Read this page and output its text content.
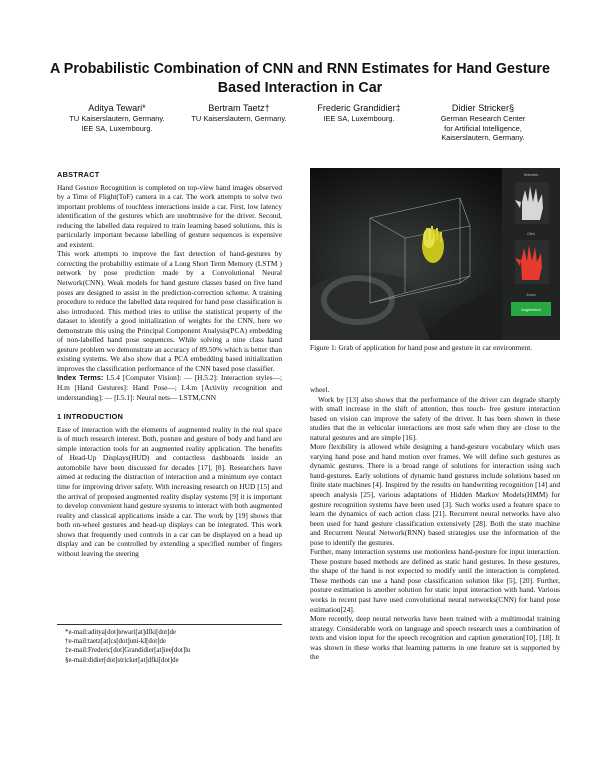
A Probabilistic Combination of CNN and RNN Estimates for Hand Gesture Based Interaction in Car
Aditya Tewari*
TU Kaiserslautern, Germany.
IEE SA, Luxembourg.
Bertram Taetz†
TU Kaiserslautern, Germany.
Frederic Grandidier‡
IEE SA, Luxembourg.
Didier Stricker§
German Research Center
for Artificial Intelligence,
Kaiserslautern, Germany.
ABSTRACT

Hand Gesture Recognition is completed on top-view hand images observed by a Time of Flight(ToF) camera in a car. The work attempts to solve two important problems of touchless interactions inside a car. First, low latency identification of the gestures which are unobtrusive for the driver. Second, reducing the labelled data required to train learning based solutions, this is particularly important because labelling of gesture sequences is expensive and existent.

This work attempts to improve the fast detection of hand-gestures by correcting the probability estimate of a Long Short Term Memory (LSTM ) network by pose prediction made by a Convolutional Neural Network(CNN). Weak models for hand gesture classes based on five hand poses are designed to assist in the prediction-correction scheme. A training procedure to reduce the labelled data required for hand pose classification is also introduced. This method tries to utilise the statistical property of the dataset to identify a good initialization of weights for the CNN, here we demonstrate this using the Principal Component Analysis(PCA) embedding of non-labelled hand pose sequences. While solving a nine class hand gesture problem we demonstrate an accuracy of 89.50% which is better than existing systems. We also show that a PCA embedding based initialization improves the classification performance of the CNN based pose classifier.

Index Terms: I.5.4 [Computer Vision]: — [H.5.2]: Interaction styles—; H.m [Hand Gestures]: Hand Pose—; I.4.m [Activity recognition and understanding]: — [I.5.1]: Neural nets— LSTM,CNN

1 INTRODUCTION

Ease of interaction with the elements of augmented reality in the real space is of much research interest. Both, posture and gesture of body and hand are simple interaction tools for an augmented reality application. The benefits of Head-Up Displays(HUD) and contactless dashboards inside an automobile have been discussed for decades [17], [8]. Researchers have aimed at reducing the distraction of interaction and a minimum eye contact time for improving driver safety. With increasing research on HUD [15] and the arrival of proposed augmented reality display systems [9] it is important to develop convenient hand gesture systems to interact with both augmented reality and classical applications inside a car. The work by [19] shows that both on-wheel gestures and head-up displays can be integrated. This work shows that frequently used controls in a car can be displayed on a head up display and can be controlled by extending a specified number of fingers without leaving the steering

*e-mail:aditya[dot]tewari[at]dfki[dot]de
†e-mail:taetz[at]cs[dot]uni-kl[dot]de
‡e-mail:Frederic[dot]Grandidier[at]iee[dot]lu
§e-mail:didier[dot]stricker[at]dfki[dot]de
Selection
Click
Zoom
Augmented
Figure 1: Grab of application for hand pose and gesture in car environment.

wheel.

Work by [13] also shows that the performance of the driver can degrade sharply with small increase in the shift of attention, thus touch- free gesture interaction based on vision can improve the safety of the driver. It has been shown in these studies that the in vehicular interactions are most safe when they are close to the natural gestures and are simple [16].

More flexibility is allowed while designing a hand-gesture vocabulary which uses varying hand pose and hand motion over frames. We will define such gestures as dynamic gestures. There is a broad range of solutions for interaction using such hand-gestures. Early solutions of dynamic hand gestures include solutions based on finite state machines [4]. Inspired by the results on handwriting recognition [14] and speech analysis [25], various adaptations of Hidden Markov Models(HMM) for gesture recognition systems have been used [3]. Such works used a feature space to learn the dynamics of each action class [21]. Recurrent neural networks have also been used for hand gesture classification extensively [28]. Both the state machine and Recurrent Neural Network(RNN) based strategies use the information of the pose to identify the gestures.

Further, many interaction systems use motionless hand-posture for input interaction. These posture based methods are defined as static hand gestures. In these gestures, the shape of the hand is not expected to modify until the interaction is completed. These methods can use a hand pose classification solution like [5], [20]. Further, posture estimation is another solution for static input interaction with hand. Various works in recent past have used convolutional neural networks(CNN) for hand pose estimation[24].

More recently, deep neural networks have been trained with a multimodal training strategy. Considerable work on language and speech research uses a combination of texts and vision input for the speech recognition and caption generation[10], [18]. It was shown in these works that learning patterns in one feature set is supported by the
